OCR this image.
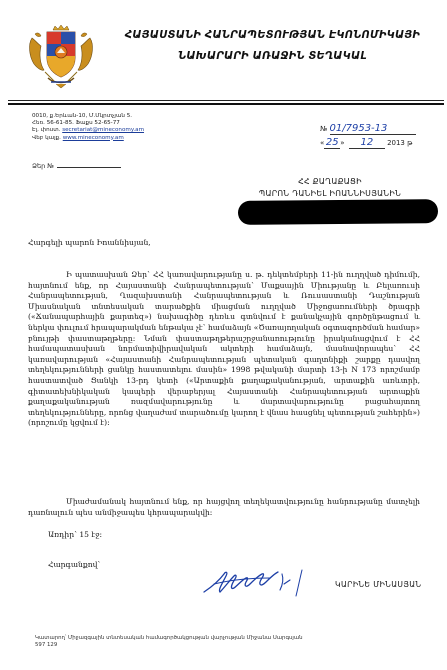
ՀԱՅԱՍՏԱՆԻ ՀԱՆՐԱՊԵՏՈՒԹՅԱՆ ԷԿՈՆՈՄԻԿԱՅԻ
ՆԱԽԱՐԱՐԻ ԱՌԱՋԻՆ ՏԵՂԱԿԱԼ
0010, ք.Երևան-10, Մ.Մկրտչյան 5.
Հեռ. 56-61-85. Ֆաքս 52-65-77
Էլ. փոստ. secretariat@mineconomy.am
Վեբ կայք. www.mineconomy.am
№ 01/7953-13
« 25 » 12 2013 թ
Ձեր №
ՀՀ ՔԱՂԱՔԱՑԻ
ՊԱՐՈՆ ԴԱՆԻԵԼ ԻՈԱՆՆԻՍՅԱՆԻՆ
Հարգելի պարոն Իոաննիսյան,
Ի պատասխան Ձեր՝ ՀՀ կառավարությանը ս. թ. դեկտեմբերի 11-ին ուղղված դիմումի, հայտնում ենք, որ Հայաստանի Հանրապետության՝ Մաքսային Միությանը և Բելառուսի Հանրապետության, Ղազախստանի Հանրապետության և Ռուսաստանի Դաշնության Միասնական տնտեսական տարածքին միացման ուղղված Միջոցառումների ծրագրի («Ճանապարհային քարտեզ») նախագիծը դեռևս գտնվում է քանակչային գործընթացում և ներկա փուլում հրապարակման ենթակա չէ՝ համաձայն «Ծառայողական օգտագործման համար» բնույթի փաստաթղթերը: Նման փաստաթղթերաշրջանառությունը իրականացվում է ՀՀ համապատասխան նորմատիվիրավական ակտերի համաձայն, մասնավորապես՝ ՀՀ կառավարության «Հայաստանի Հանրապետության պետական գաղտնիքի շարքը դասվող տեղեկությունների ցանկը հաստատելու մասին» 1998 թվականի մարտի 13-ի N 173 որոշմամբ հաստատված Ցանկի 13-րդ կետի («Արտաքին քաղաքականության, արտաքին առևտրի, գիտատեխնիկական կապերի վերաբերյալ Հայաստանի Հանրապետության արտաքին քաղաքականության ռազմավարությունը և մարտավարությունը բացահայտող տեղեկությունները, որոնց վաղաժամ տարածումը կարող է վնաս հասցնել պետության շահերին») (որոշումը կցվում է):
Միաժամանակ հայտնում ենք, որ հայցվող տեղեկատվությունը հանրությանը մատչելի դառնալուն պես անմիջապես կհրապարակվի:
Առդիր՝ 15 էջ:
Հարգանքով՝
ԿԱՐԻՆԵ ՄԻՆԱՍՅԱՆ
Կատարող՝ Միջազգային տնտեսական համագործակցության վարչության Միջանա Սարգսյան
597 129
